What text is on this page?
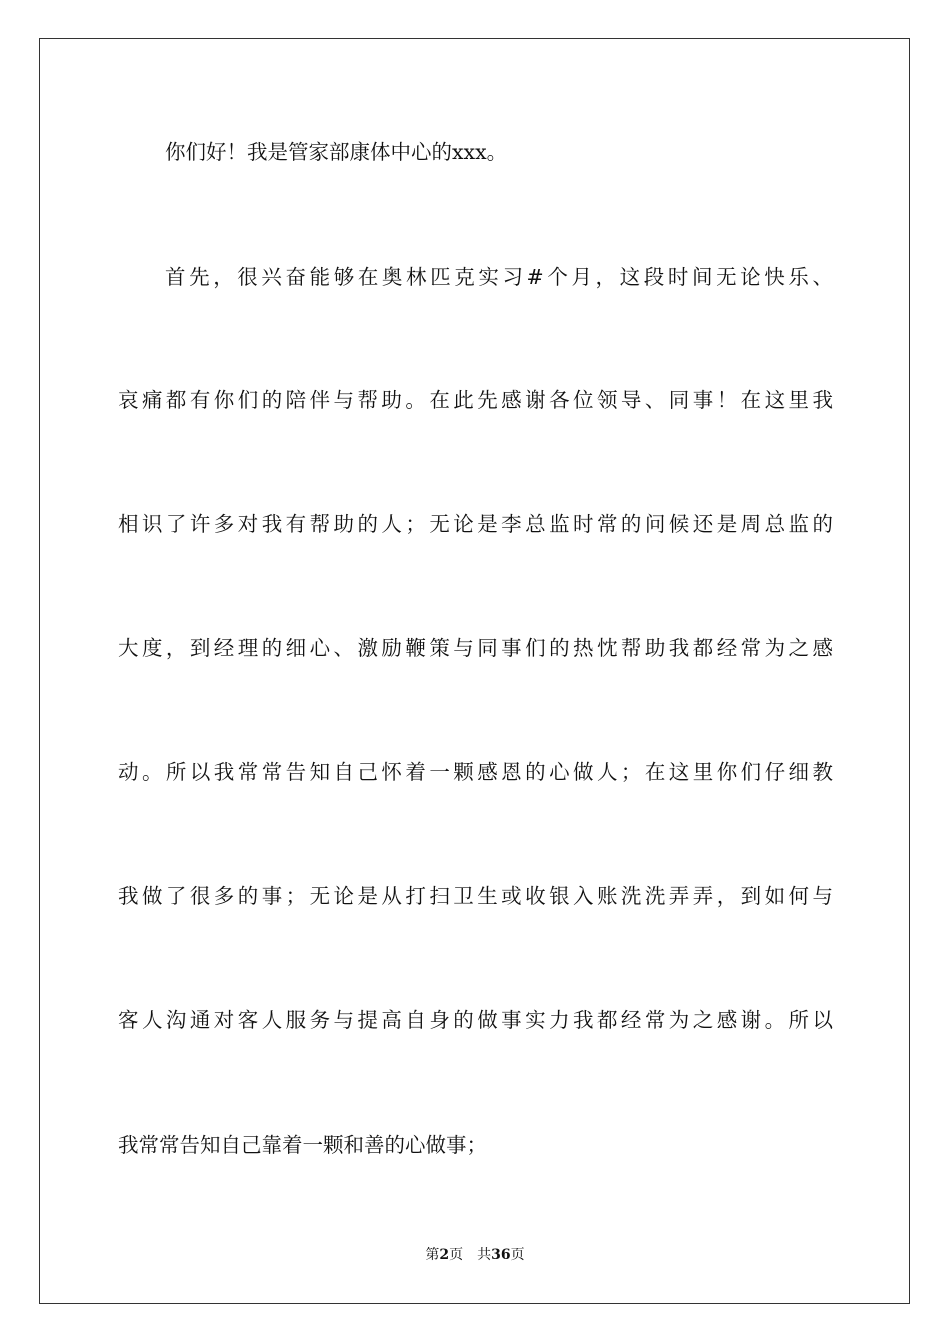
你们好！我是管家部康体中心的xxx。
首先，很兴奋能够在奥林匹克实习#个月，这段时间无论快乐、
哀痛都有你们的陪伴与帮助。在此先感谢各位领导、同事！在这里我
相识了许多对我有帮助的人；无论是李总监时常的问候还是周总监的
大度，到经理的细心、激励鞭策与同事们的热忱帮助我都经常为之感
动。所以我常常告知自己怀着一颗感恩的心做人；在这里你们仔细教
我做了很多的事；无论是从打扫卫生或收银入账洗洗弄弄，到如何与
客人沟通对客人服务与提高自身的做事实力我都经常为之感谢。所以
我常常告知自己靠着一颗和善的心做事；
第2页 共36页
